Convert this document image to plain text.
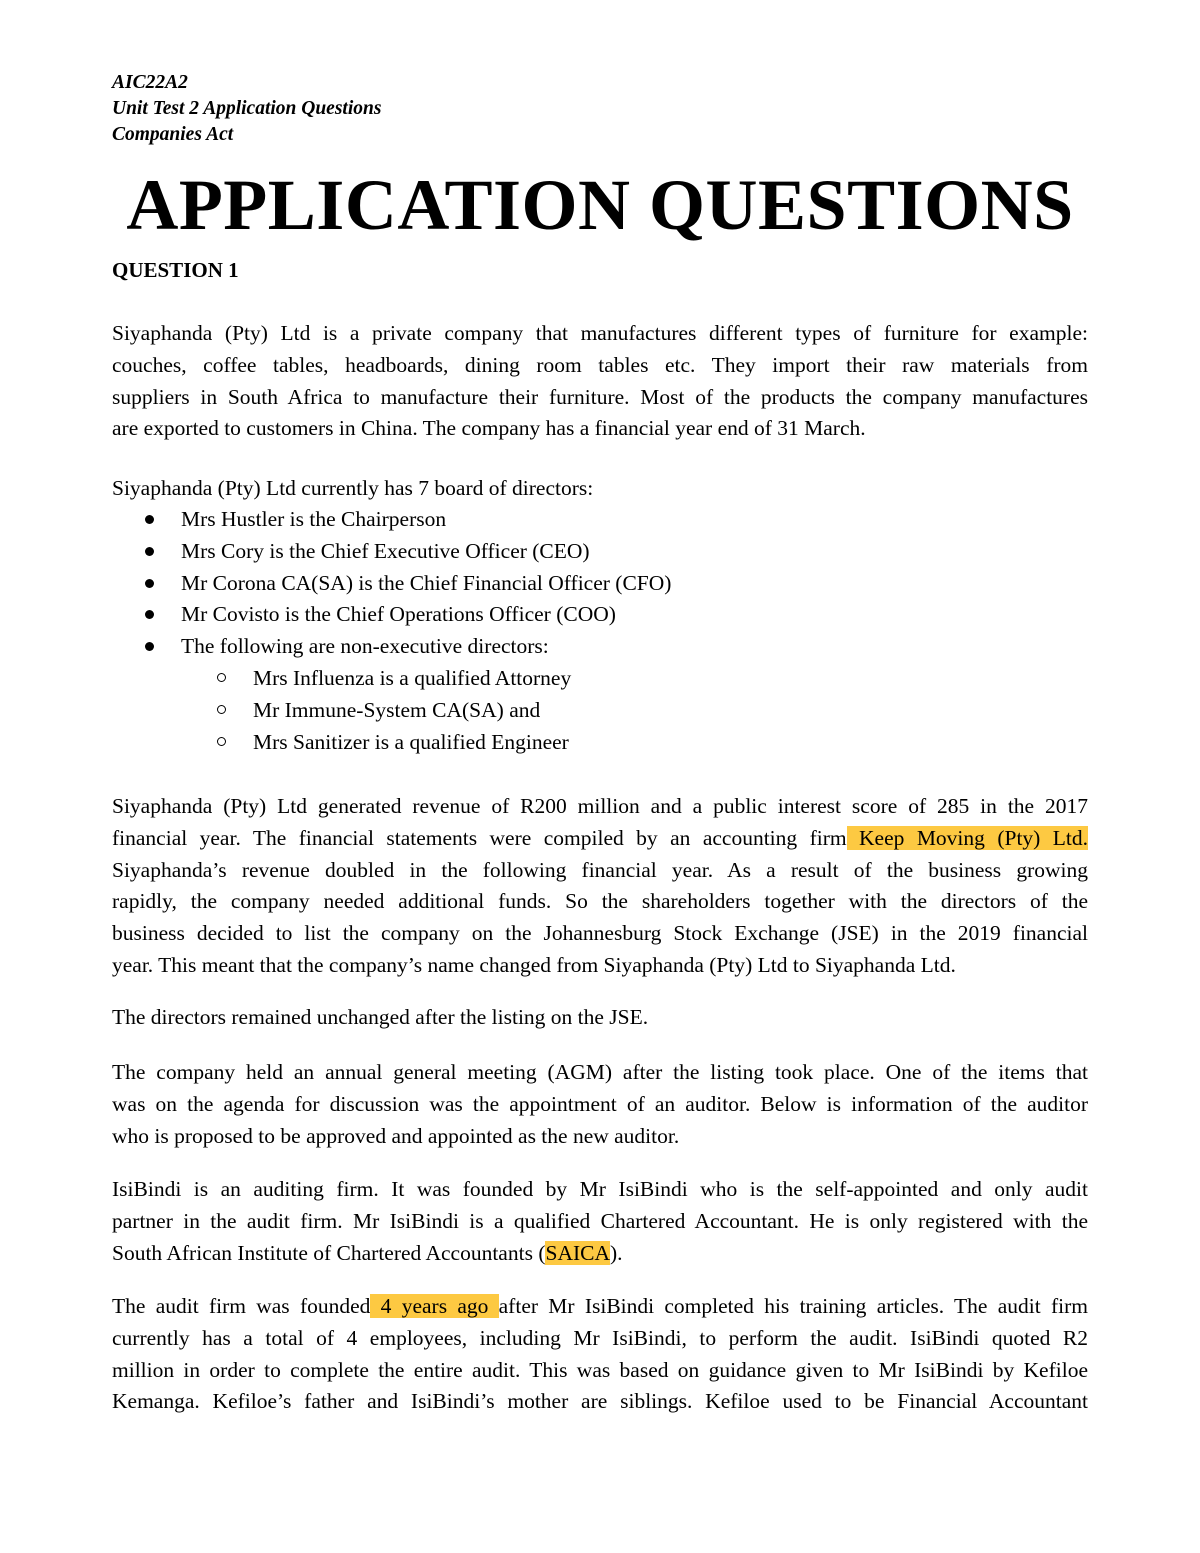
AIC22A2
Unit Test 2 Application Questions
Companies Act
APPLICATION QUESTIONS
QUESTION 1
Siyaphanda (Pty) Ltd is a private company that manufactures different types of furniture for example:
couches, coffee tables, headboards, dining room tables etc. They import their raw materials from
suppliers in South Africa to manufacture their furniture. Most of the products the company manufactures
are exported to customers in China. The company has a financial year end of 31 March.
Siyaphanda (Pty) Ltd currently has 7 board of directors:
Mrs Hustler is the Chairperson
Mrs Cory is the Chief Executive Officer (CEO)
Mr Corona CA(SA) is the Chief Financial Officer (CFO)
Mr Covisto is the Chief Operations Officer (COO)
The following are non-executive directors:
Mrs Influenza is a qualified Attorney
Mr Immune-System CA(SA) and
Mrs Sanitizer is a qualified Engineer
Siyaphanda (Pty) Ltd generated revenue of R200 million and a public interest score of 285 in the 2017
financial year. The financial statements were compiled by an accounting firm Keep Moving (Pty) Ltd.
Siyaphanda’s revenue doubled in the following financial year. As a result of the business growing
rapidly, the company needed additional funds. So the shareholders together with the directors of the
business decided to list the company on the Johannesburg Stock Exchange (JSE) in the 2019 financial
year. This meant that the company’s name changed from Siyaphanda (Pty) Ltd to Siyaphanda Ltd.
The directors remained unchanged after the listing on the JSE.
The company held an annual general meeting (AGM) after the listing took place. One of the items that
was on the agenda for discussion was the appointment of an auditor. Below is information of the auditor
who is proposed to be approved and appointed as the new auditor.
IsiBindi is an auditing firm. It was founded by Mr IsiBindi who is the self-appointed and only audit
partner in the audit firm. Mr IsiBindi is a qualified Chartered Accountant. He is only registered with the
South African Institute of Chartered Accountants (SAICA).
The audit firm was founded 4 years ago after Mr IsiBindi completed his training articles. The audit firm
currently has a total of 4 employees, including Mr IsiBindi, to perform the audit. IsiBindi quoted R2
million in order to complete the entire audit. This was based on guidance given to Mr IsiBindi by Kefiloe
Kemanga. Kefiloe’s father and IsiBindi’s mother are siblings. Kefiloe used to be Financial Accountant
